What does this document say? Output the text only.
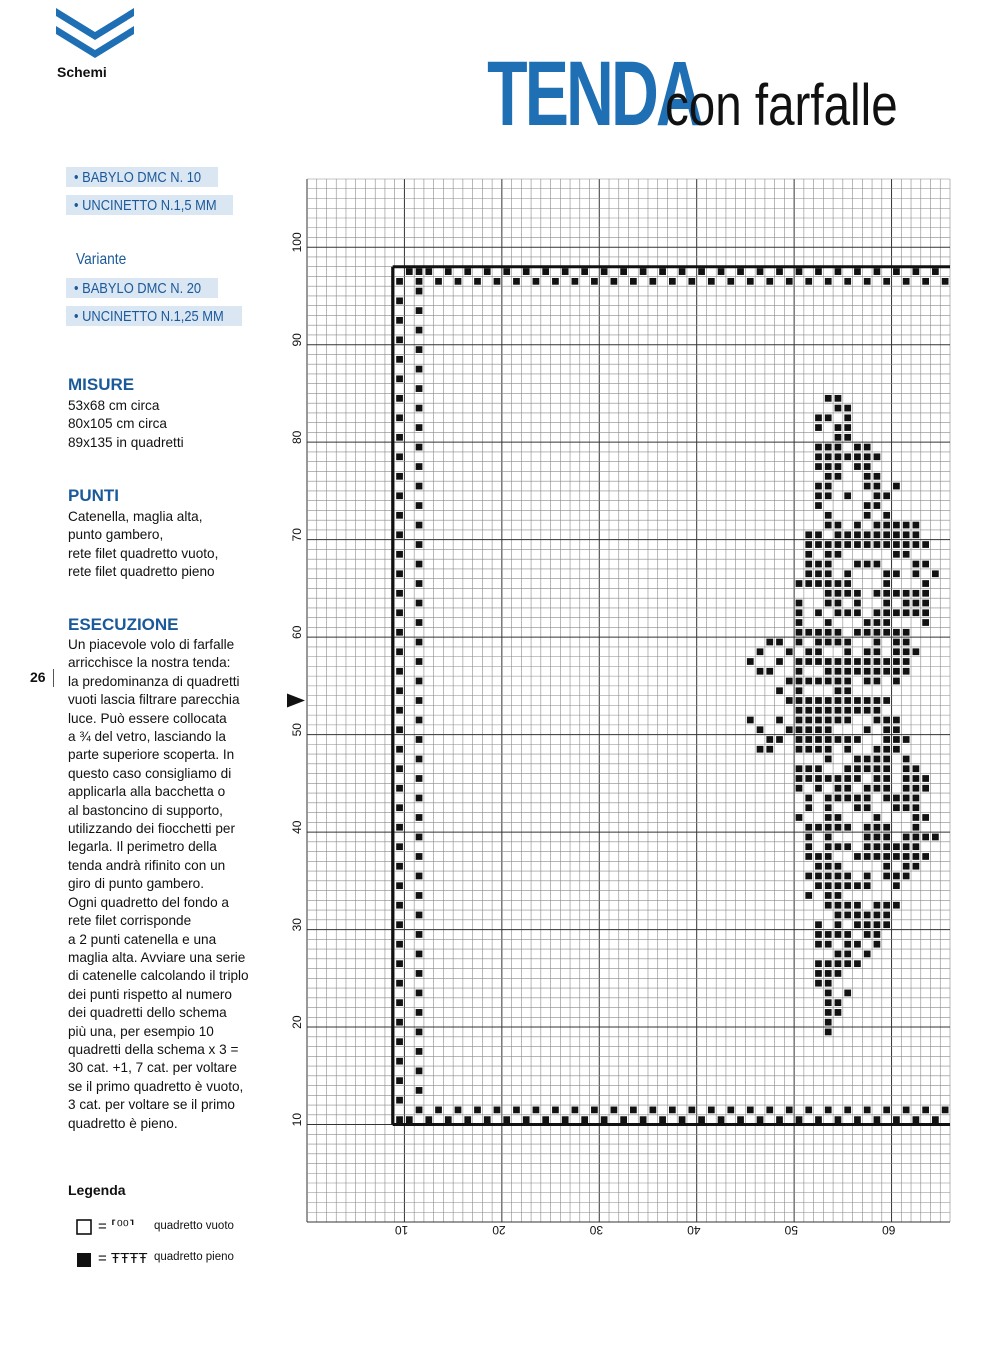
Schemi	TENDA con farfalle
• BABYLO DMC N. 10
• UNCINETTO N.1,5 MM
Variante
• BABYLO DMC N. 20
• UNCINETTO N.1,25 MM
MISURE
53x68 cm circa
80x105 cm circa
89x135 in quadretti
PUNTI
Catenella, maglia alta,
punto gambero,
rete filet quadretto vuoto,
rete filet quadretto pieno
ESECUZIONE
Un piacevole volo di farfalle
arricchisce la nostra tenda:
la predominanza di quadretti
vuoti lascia filtrare parecchia
luce. Può essere collocata
a ¾ del vetro, lasciando la
parte superiore scoperta. In
questo caso consigliamo di
applicarla alla bacchetta o
al bastoncino di supporto,
utilizzando dei fiocchetti per
legarla. Il perimetro della
tenda andrà rifinito con un
giro di punto gambero.
Ogni quadretto del fondo a
rete filet corrisponde
a 2 punti catenella e una
maglia alta. Avviare una serie
di catenelle calcolando il triplo
dei punti rispetto al numero
dei quadretti dello schema
più una, per esempio 10
quadretti della schema x 3 =
30 cat. +1, 7 cat. per voltare
se il primo quadretto è vuoto,
3 cat. per voltare se il primo
quadretto è pieno.
26
Legenda
= ⸢⁰⁰⸣ quadretto vuoto
= ŦŦŦŦ quadretto pieno
10	20	30	40	50	60
10
20
30
40
50
60
70
80
90
100
